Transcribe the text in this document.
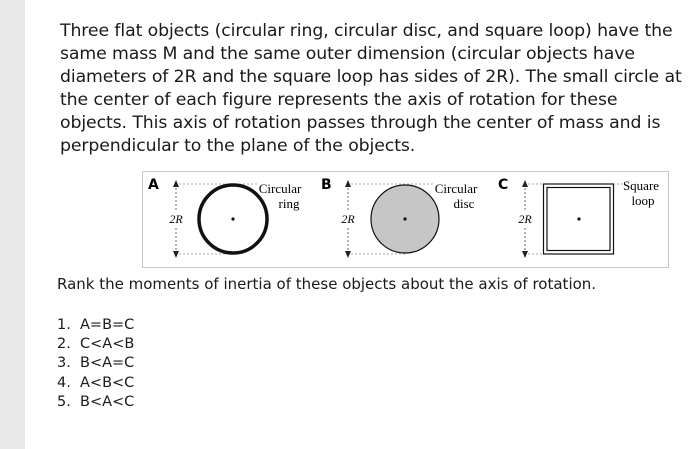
Three flat objects (circular ring, circular disc, and square loop) have the
same mass M and the same outer dimension (circular objects have
diameters of 2R and the square loop has sides of 2R). The small circle at
the center of each figure represents the axis of rotation for these
objects. This axis of rotation passes through the center of mass and is
perpendicular to the plane of the objects.
A
2R
Circular
ring
B
2R
Circular
disc
C
2R
Square
loop
Rank the moments of inertia of these objects about the axis of rotation.
1. A=B=C
2. C<A<B
3. B<A=C
4. A<B<C
5. B<A<C
